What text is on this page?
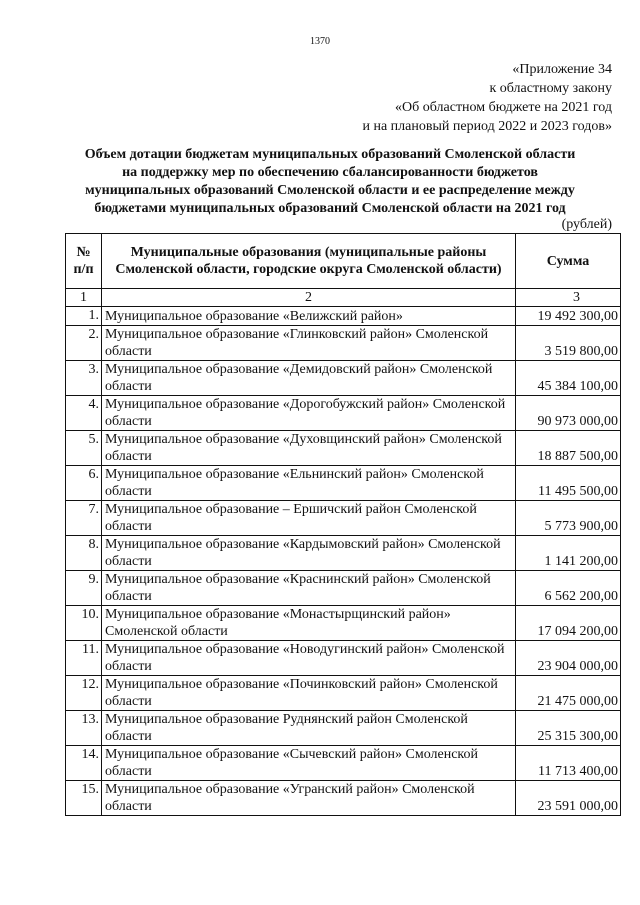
1370
«Приложение 34
к областному закону
«Об областном бюджете на 2021 год
и на плановый период 2022 и 2023 годов»
Объем дотации бюджетам муниципальных образований Смоленской области
на поддержку мер по обеспечению сбалансированности бюджетов
муниципальных образований Смоленской области и ее распределение между
бюджетами муниципальных образований Смоленской области на 2021 год
(рублей)
№ п/п	Муниципальные образования (муниципальные районы Смоленской области, городские округа Смоленской области)	Сумма
1	2	3
1.	Муниципальное образование «Велижский район»	19 492 300,00
2.	Муниципальное образование «Глинковский район» Смоленской области	3 519 800,00
3.	Муниципальное образование «Демидовский район» Смоленской области	45 384 100,00
4.	Муниципальное образование «Дорогобужский район» Смоленской области	90 973 000,00
5.	Муниципальное образование «Духовщинский район» Смоленской области	18 887 500,00
6.	Муниципальное образование «Ельнинский район» Смоленской области	11 495 500,00
7.	Муниципальное образование – Ершичский район Смоленской области	5 773 900,00
8.	Муниципальное образование «Кардымовский район» Смоленской области	1 141 200,00
9.	Муниципальное образование «Краснинский район» Смоленской области	6 562 200,00
10.	Муниципальное образование «Монастырщинский район» Смоленской области	17 094 200,00
11.	Муниципальное образование «Новодугинский район» Смоленской области	23 904 000,00
12.	Муниципальное образование «Починковский район» Смоленской области	21 475 000,00
13.	Муниципальное образование Руднянский район Смоленской области	25 315 300,00
14.	Муниципальное образование «Сычевский район» Смоленской области	11 713 400,00
15.	Муниципальное образование «Угранский район» Смоленской области	23 591 000,00
